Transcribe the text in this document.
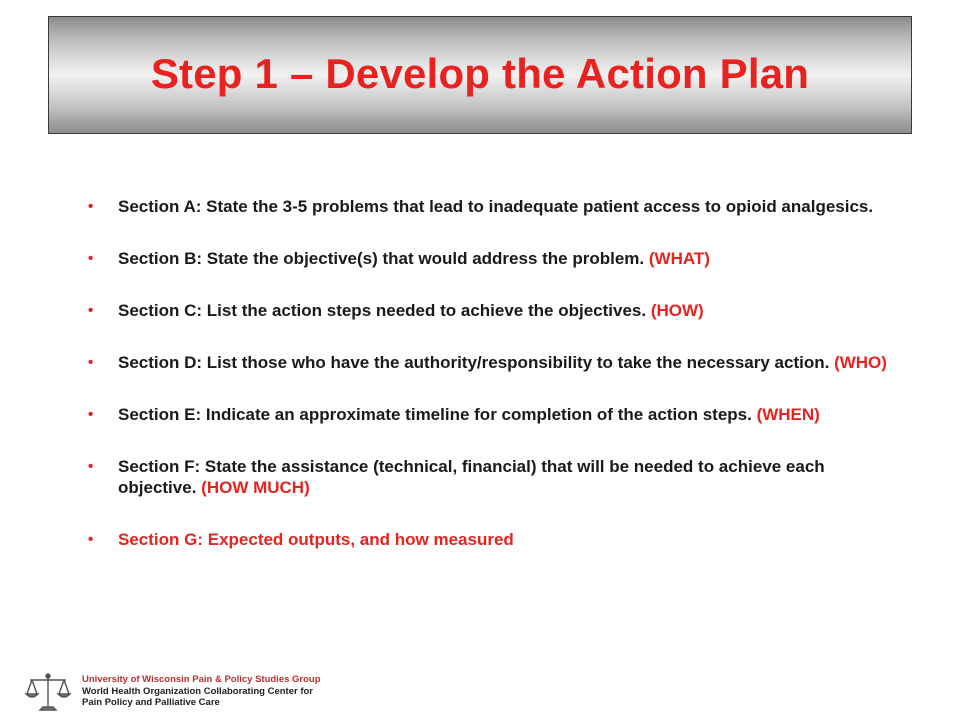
Step 1 – Develop the Action Plan
• Section A: State the 3-5 problems that lead to inadequate patient access to opioid analgesics.
• Section B: State the objective(s) that would address the problem. (WHAT)
• Section C: List the action steps needed to achieve the objectives. (HOW)
• Section D: List those who have the authority/responsibility to take the necessary action. (WHO)
• Section E: Indicate an approximate timeline for completion of the action steps. (WHEN)
• Section F: State the assistance (technical, financial) that will be needed to achieve each objective. (HOW MUCH)
• Section G: Expected outputs, and how measured
University of Wisconsin Pain & Policy Studies Group
World Health Organization Collaborating Center for
Pain Policy and Palliative Care
